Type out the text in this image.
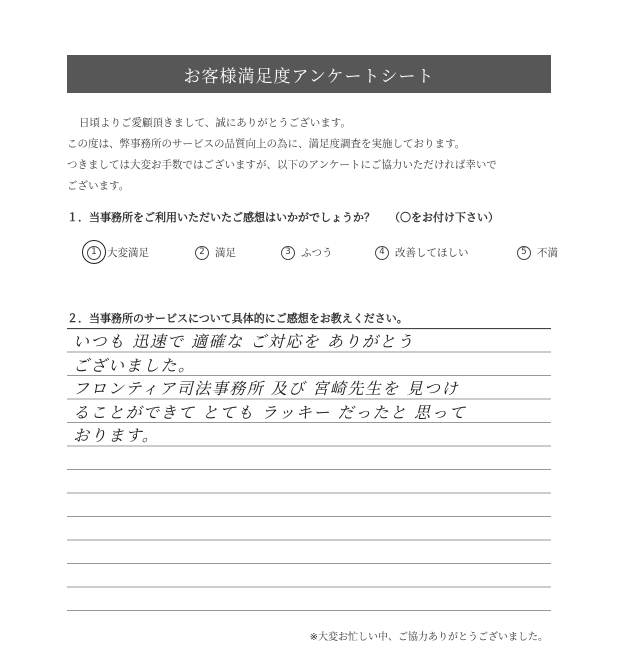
お客様満足度アンケートシート
日頃よりご愛顧頂きまして、誠にありがとうございます。
この度は、弊事務所のサービスの品質向上の為に、満足度調査を実施しております。
つきましては大変お手数ではございますが、以下のアンケートにご協力いただければ幸いで
ございます。
１．当事務所をご利用いただいたご感想はいかがでしょうか？ （〇をお付け下さい）
1 大変満足	2 満足	3 ふつう	4 改善してほしい	5 不満
２．当事務所のサービスについて具体的にご感想をお教えください。
いつも 迅速で 適確な ご対応を ありがとう
ございました。
フロンティア司法事務所 及び 宮崎先生を 見つけ
ることができて とても ラッキー だったと 思って
おります。
※大変お忙しい中、ご協力ありがとうございました。
